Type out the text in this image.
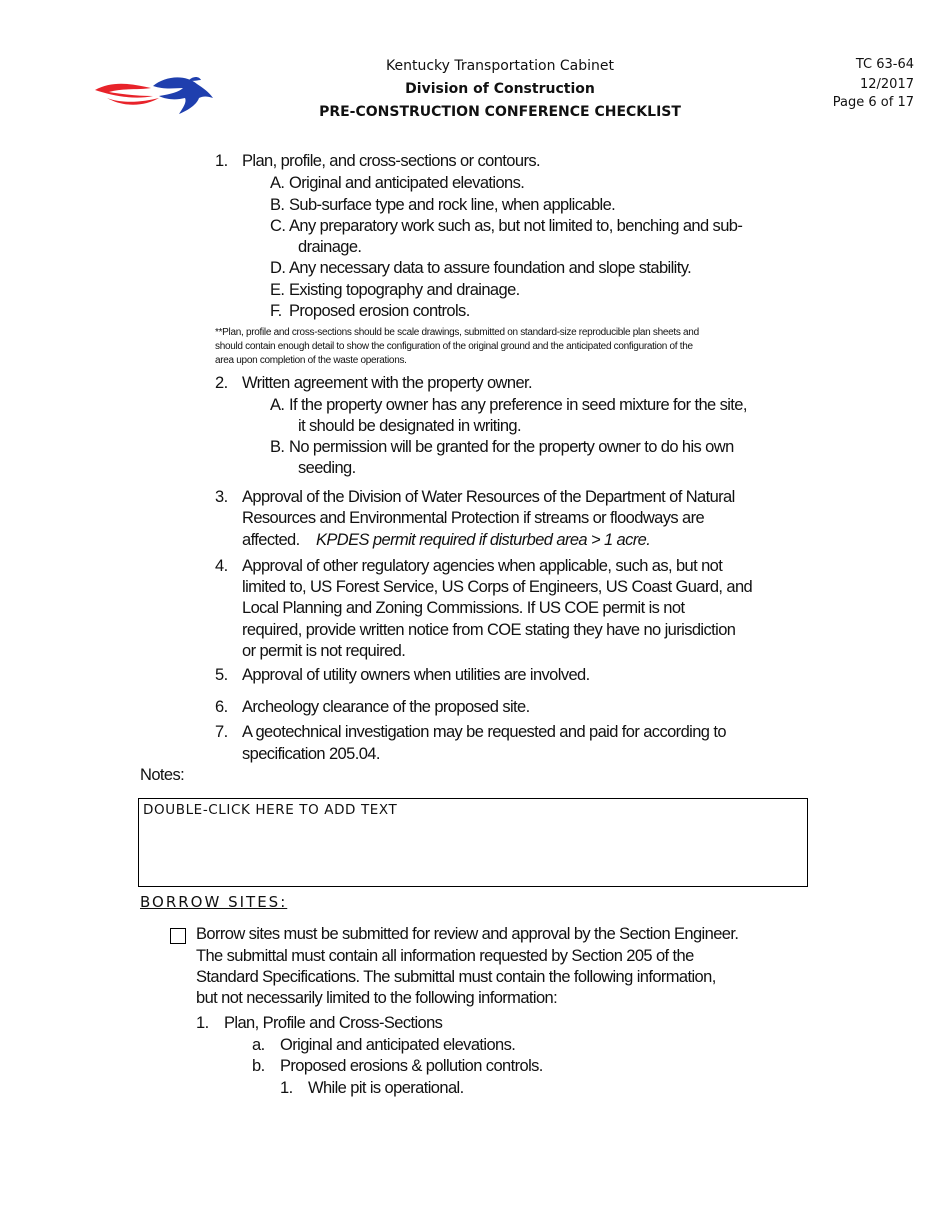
Kentucky Transportation Cabinet
Division of Construction
PRE-CONSTRUCTION CONFERENCE CHECKLIST
TC 63-64
12/2017
Page 6 of 17
1. Plan, profile, and cross-sections or contours.
A. Original and anticipated elevations.
B. Sub-surface type and rock line, when applicable.
C. Any preparatory work such as, but not limited to, benching and sub-
drainage.
D. Any necessary data to assure foundation and slope stability.
E. Existing topography and drainage.
F. Proposed erosion controls.
**Plan, profile and cross-sections should be scale drawings, submitted on standard-size reproducible plan sheets and
should contain enough detail to show the configuration of the original ground and the anticipated configuration of the
area upon completion of the waste operations.
2. Written agreement with the property owner.
A. If the property owner has any preference in seed mixture for the site,
it should be designated in writing.
B. No permission will be granted for the property owner to do his own
seeding.
3. Approval of the Division of Water Resources of the Department of Natural
Resources and Environmental Protection if streams or floodways are
affected. KPDES permit required if disturbed area > 1 acre.
4. Approval of other regulatory agencies when applicable, such as, but not
limited to, US Forest Service, US Corps of Engineers, US Coast Guard, and
Local Planning and Zoning Commissions. If US COE permit is not
required, provide written notice from COE stating they have no jurisdiction
or permit is not required.
5. Approval of utility owners when utilities are involved.
6. Archeology clearance of the proposed site.
7. A geotechnical investigation may be requested and paid for according to
specification 205.04.
Notes:
DOUBLE-CLICK HERE TO ADD TEXT
BORROW SITES:
Borrow sites must be submitted for review and approval by the Section Engineer.
The submittal must contain all information requested by Section 205 of the
Standard Specifications. The submittal must contain the following information,
but not necessarily limited to the following information:
1. Plan, Profile and Cross-Sections
a. Original and anticipated elevations.
b. Proposed erosions & pollution controls.
1. While pit is operational.
